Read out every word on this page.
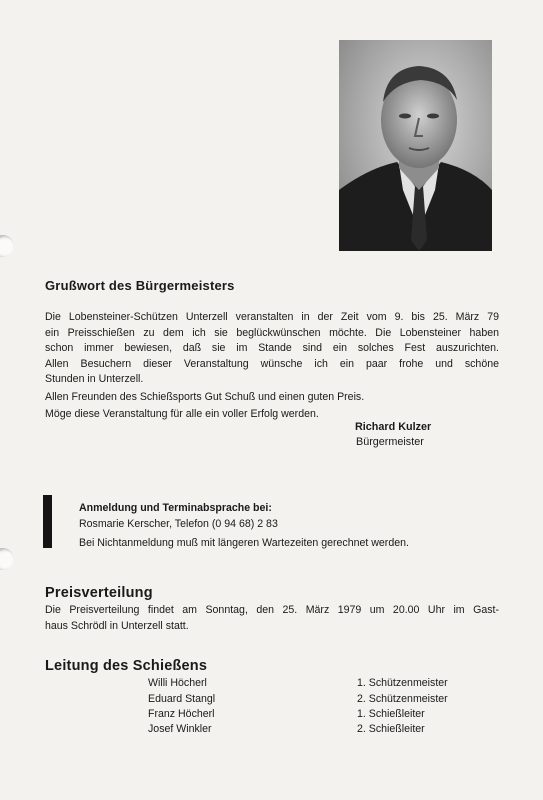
Grußwort des Bürgermeisters
Die Lobensteiner-Schützen Unterzell veranstalten in der Zeit vom 9. bis 25. März 79
ein Preisschießen zu dem ich sie beglückwünschen möchte. Die Lobensteiner haben
schon immer bewiesen, daß sie im Stande sind ein solches Fest auszurichten.
Allen Besuchern dieser Veranstaltung wünsche ich ein paar frohe und schöne
Stunden in Unterzell.
Allen Freunden des Schießsports Gut Schuß und einen guten Preis.
Möge diese Veranstaltung für alle ein voller Erfolg werden.
Richard Kulzer
Bürgermeister
Anmeldung und Terminabsprache bei:
Rosmarie Kerscher, Telefon (0 94 68) 2 83
Bei Nichtanmeldung muß mit längeren Wartezeiten gerechnet werden.
Preisverteilung
Die Preisverteilung findet am Sonntag, den 25. März 1979 um 20.00 Uhr im Gast-
haus Schrödl in Unterzell statt.
Leitung des Schießens
Willi Höcherl	1. Schützenmeister
Eduard Stangl	2. Schützenmeister
Franz Höcherl	1. Schießleiter
Josef Winkler	2. Schießleiter
